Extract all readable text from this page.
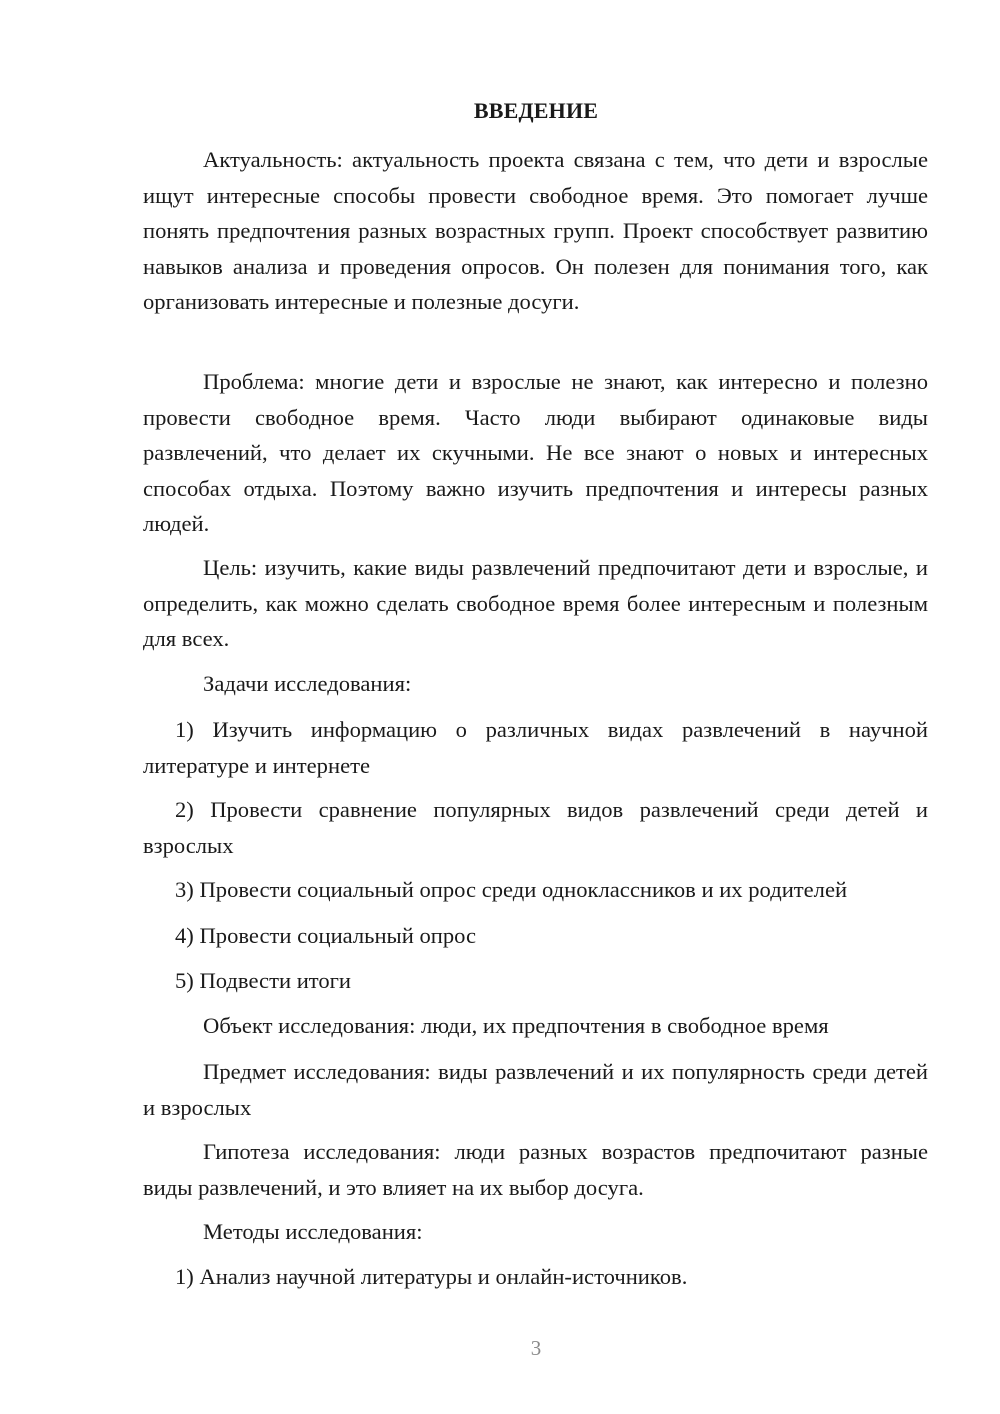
ВВЕДЕНИЕ

Актуальность: актуальность проекта связана с тем, что дети и взрослые ищут интересные способы провести свободное время. Это помогает лучше понять предпочтения разных возрастных групп. Проект способствует развитию навыков анализа и проведения опросов. Он полезен для понимания того, как организовать интересные и полезные досуги.

Проблема: многие дети и взрослые не знают, как интересно и полезно провести свободное время. Часто люди выбирают одинаковые виды развлечений, что делает их скучными. Не все знают о новых и интересных способах отдыха. Поэтому важно изучить предпочтения и интересы разных людей.

Цель: изучить, какие виды развлечений предпочитают дети и взрослые, и определить, как можно сделать свободное время более интересным и полезным для всех.

Задачи исследования:

1) Изучить информацию о различных видах развлечений в научной литературе и интернете

2) Провести сравнение популярных видов развлечений среди детей и взрослых

3) Провести социальный опрос среди одноклассников и их родителей

4) Провести социальный опрос

5) Подвести итоги

Объект исследования: люди, их предпочтения в свободное время

Предмет исследования: виды развлечений и их популярность среди детей и взрослых

Гипотеза исследования: люди разных возрастов предпочитают разные виды развлечений, и это влияет на их выбор досуга.

Методы исследования:

1) Анализ научной литературы и онлайн-источников.

3
